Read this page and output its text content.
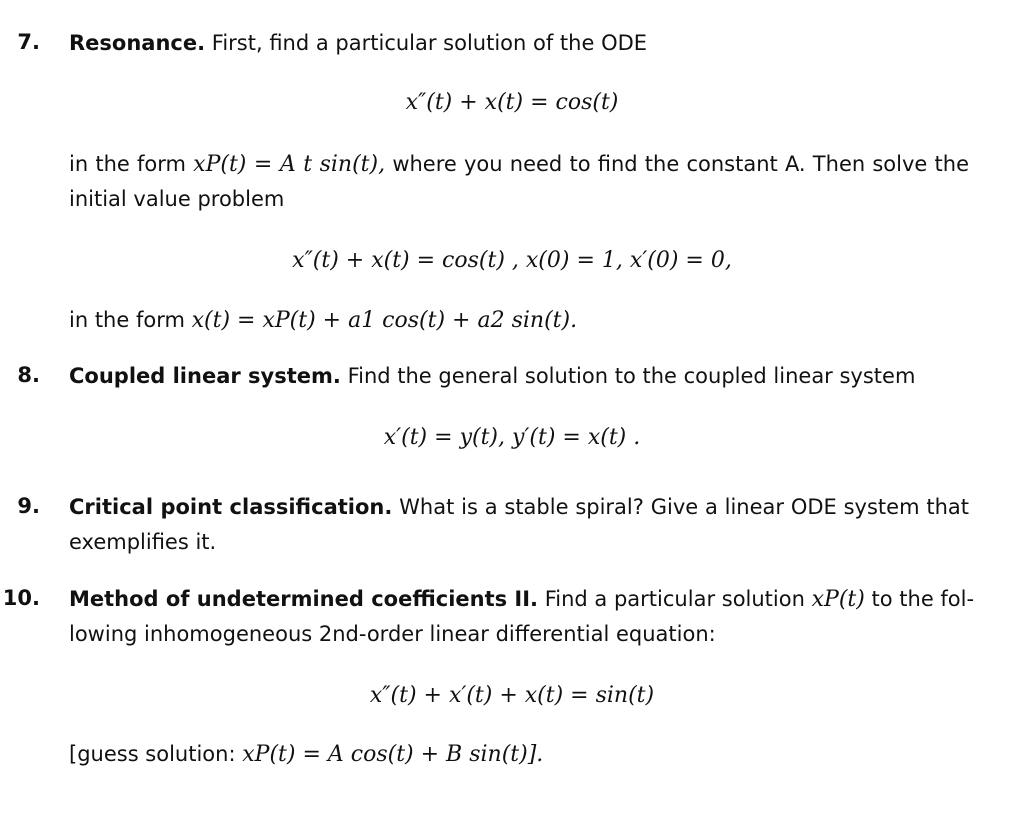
7. Resonance. First, find a particular solution of the ODE
x″(t) + x(t) = cos(t)
in the form xP(t) = A t sin(t), where you need to find the constant A. Then solve the
initial value problem
x″(t) + x(t) = cos(t) , x(0) = 1, x′(0) = 0,
in the form x(t) = xP(t) + a1 cos(t) + a2 sin(t).
8. Coupled linear system. Find the general solution to the coupled linear system
x′(t) = y(t), y′(t) = x(t) .
9. Critical point classification. What is a stable spiral? Give a linear ODE system that
exemplifies it.
10. Method of undetermined coefficients II. Find a particular solution xP(t) to the fol-
lowing inhomogeneous 2nd-order linear differential equation:
x″(t) + x′(t) + x(t) = sin(t)
[guess solution: xP(t) = A cos(t) + B sin(t)].
